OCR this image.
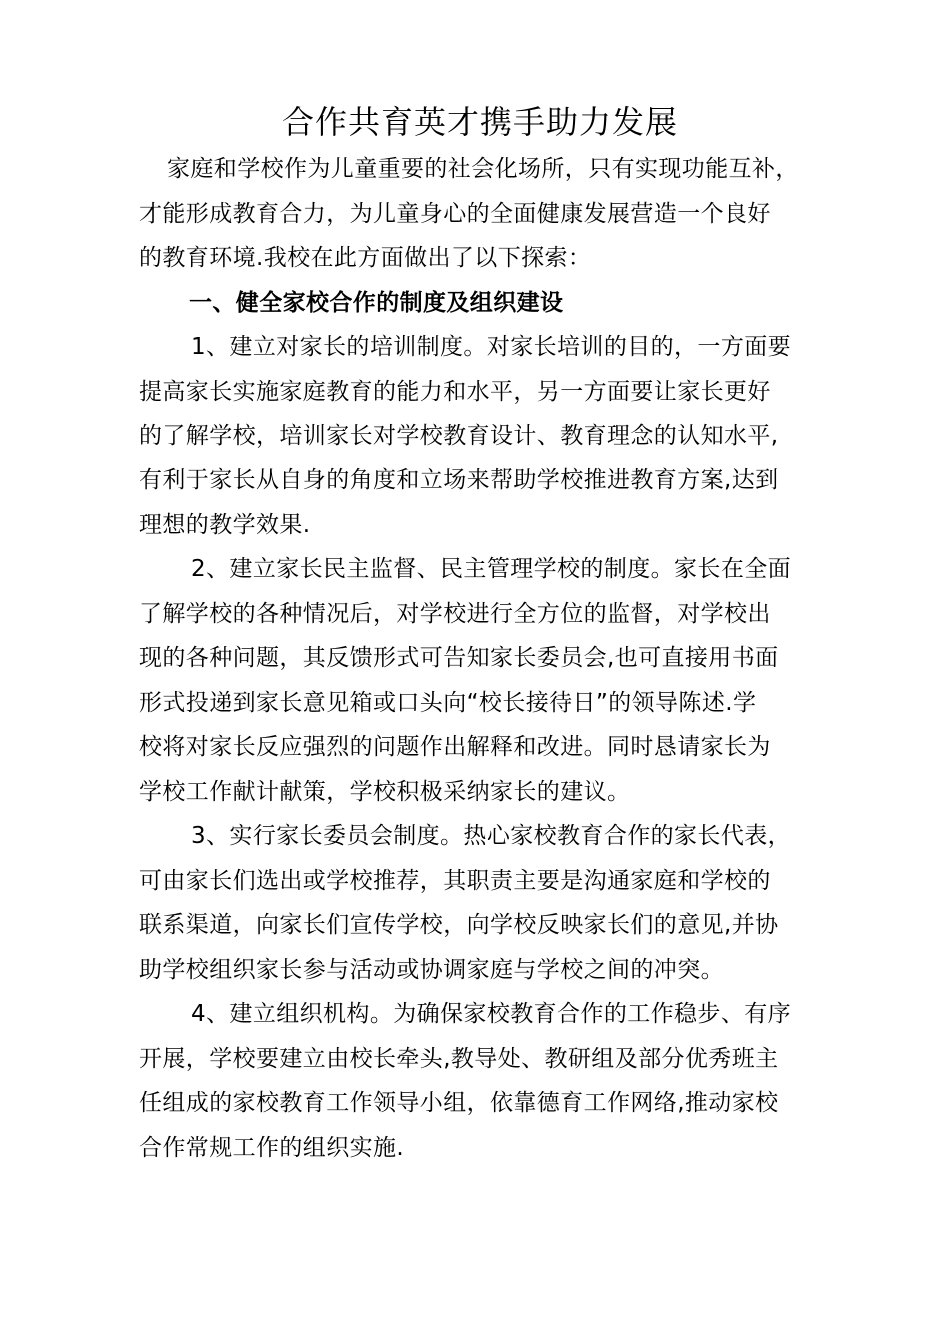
合作共育英才携手助力发展
家庭和学校作为儿童重要的社会化场所，只有实现功能互补，
才能形成教育合力，为儿童身心的全面健康发展营造一个良好
的教育环境.我校在此方面做出了以下探索：
一、健全家校合作的制度及组织建设
1、建立对家长的培训制度。对家长培训的目的，一方面要
提高家长实施家庭教育的能力和水平，另一方面要让家长更好
的了解学校，培训家长对学校教育设计、教育理念的认知水平,
有利于家长从自身的角度和立场来帮助学校推进教育方案,达到
理想的教学效果.
2、建立家长民主监督、民主管理学校的制度。家长在全面
了解学校的各种情况后，对学校进行全方位的监督，对学校出
现的各种问题，其反馈形式可告知家长委员会,也可直接用书面
形式投递到家长意见箱或口头向“校长接待日”的领导陈述.学
校将对家长反应强烈的问题作出解释和改进。同时恳请家长为
学校工作献计献策，学校积极采纳家长的建议。
3、实行家长委员会制度。热心家校教育合作的家长代表，
可由家长们选出或学校推荐，其职责主要是沟通家庭和学校的
联系渠道，向家长们宣传学校，向学校反映家长们的意见,并协
助学校组织家长参与活动或协调家庭与学校之间的冲突。
4、建立组织机构。为确保家校教育合作的工作稳步、有序
开展，学校要建立由校长牵头,教导处、教研组及部分优秀班主
任组成的家校教育工作领导小组，依靠德育工作网络,推动家校
合作常规工作的组织实施.
